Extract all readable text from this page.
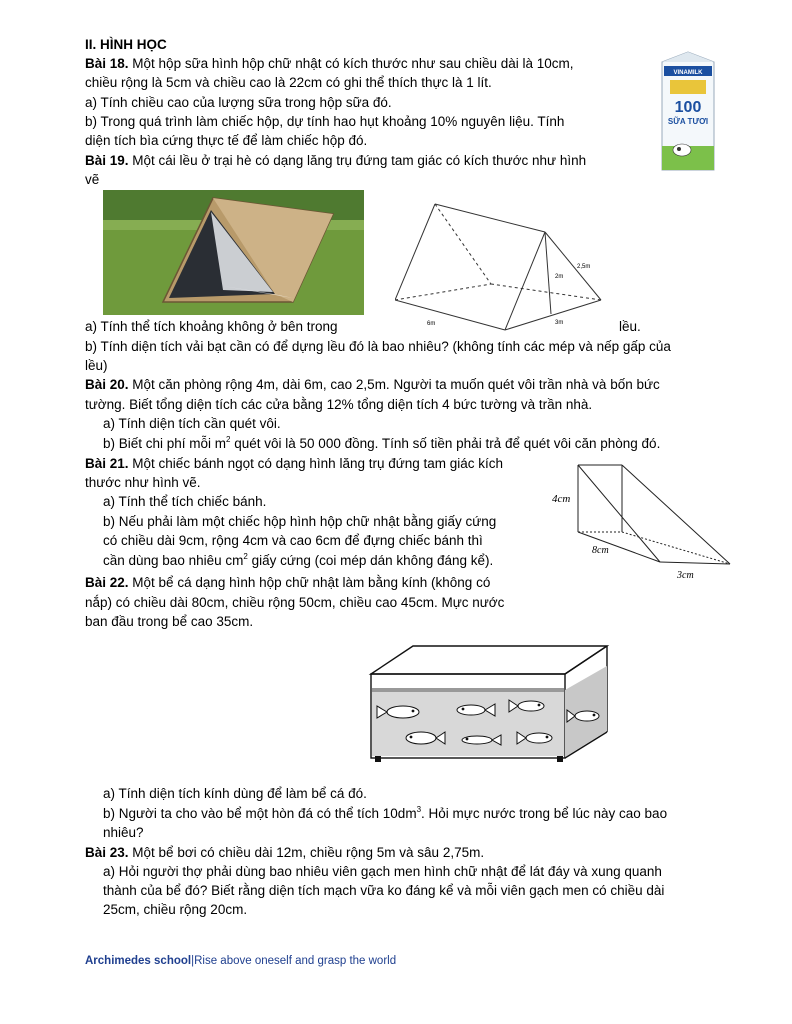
II. HÌNH HỌC
Bài 18. Một hộp sữa hình hộp chữ nhật có kích thước như sau chiều dài là 10cm,
chiều rộng là 5cm và chiều cao là 22cm có ghi thể thích thực là 1 lít.
a) Tính chiều cao của lượng sữa trong hộp sữa đó.
b) Trong quá trình làm chiếc hộp, dự tính hao hụt khoảng 10% nguyên liệu. Tính
diện tích bìa cứng thực tế để làm chiếc hộp đó.
VINAMILK
100
SỮA TƯƠI
Bài 19. Một cái lều ở trại hè có dạng lăng trụ đứng tam giác có kích thước như hình
vẽ
6m	3m
2m
2,5m
a) Tính thể tích khoảng không ở bên trong	lều.
b) Tính diện tích vải bạt cần có để dựng lều đó là bao nhiêu? (không tính các mép và nếp gấp của
lều)
Bài 20. Một căn phòng rộng 4m, dài 6m, cao 2,5m. Người ta muốn quét vôi trần nhà và bốn bức
tường. Biết tổng diện tích các cửa bằng 12% tổng diện tích 4 bức tường và trần nhà.
a) Tính diện tích cần quét vôi.
b) Biết chi phí mỗi $m^2$ quét vôi là 50 000 đồng. Tính số tiền phải trả để quét vôi căn phòng đó.
Bài 21. Một chiếc bánh ngọt có dạng hình lăng trụ đứng tam giác kích
thước như hình vẽ.
a) Tính thể tích chiếc bánh.
b) Nếu phải làm một chiếc hộp hình hộp chữ nhật bằng giấy cứng
có chiều dài 9cm, rộng 4cm và cao 6cm để đựng chiếc bánh thì
cần dùng bao nhiêu $cm^2$ giấy cứng (coi mép dán không đáng kể).
4cm
8cm
3cm
Bài 22. Một bể cá dạng hình hộp chữ nhật làm bằng kính (không có
nắp) có chiều dài 80cm, chiều rộng 50cm, chiều cao 45cm. Mực nước
ban đầu trong bể cao 35cm.
a) Tính diện tích kính dùng để làm bể cá đó.
b) Người ta cho vào bể một hòn đá có thể tích $10dm^3$. Hỏi mực nước trong bể lúc này cao bao
nhiêu?
Bài 23. Một bể bơi có chiều dài 12m, chiều rộng 5m và sâu 2,75m.
a) Hỏi người thợ phải dùng bao nhiêu viên gạch men hình chữ nhật để lát đáy và xung quanh
thành của bể đó? Biết rằng diện tích mạch vữa ko đáng kể và mỗi viên gạch men có chiều dài
25cm, chiều rộng 20cm.
Archimedes school|Rise above oneself and grasp the world
